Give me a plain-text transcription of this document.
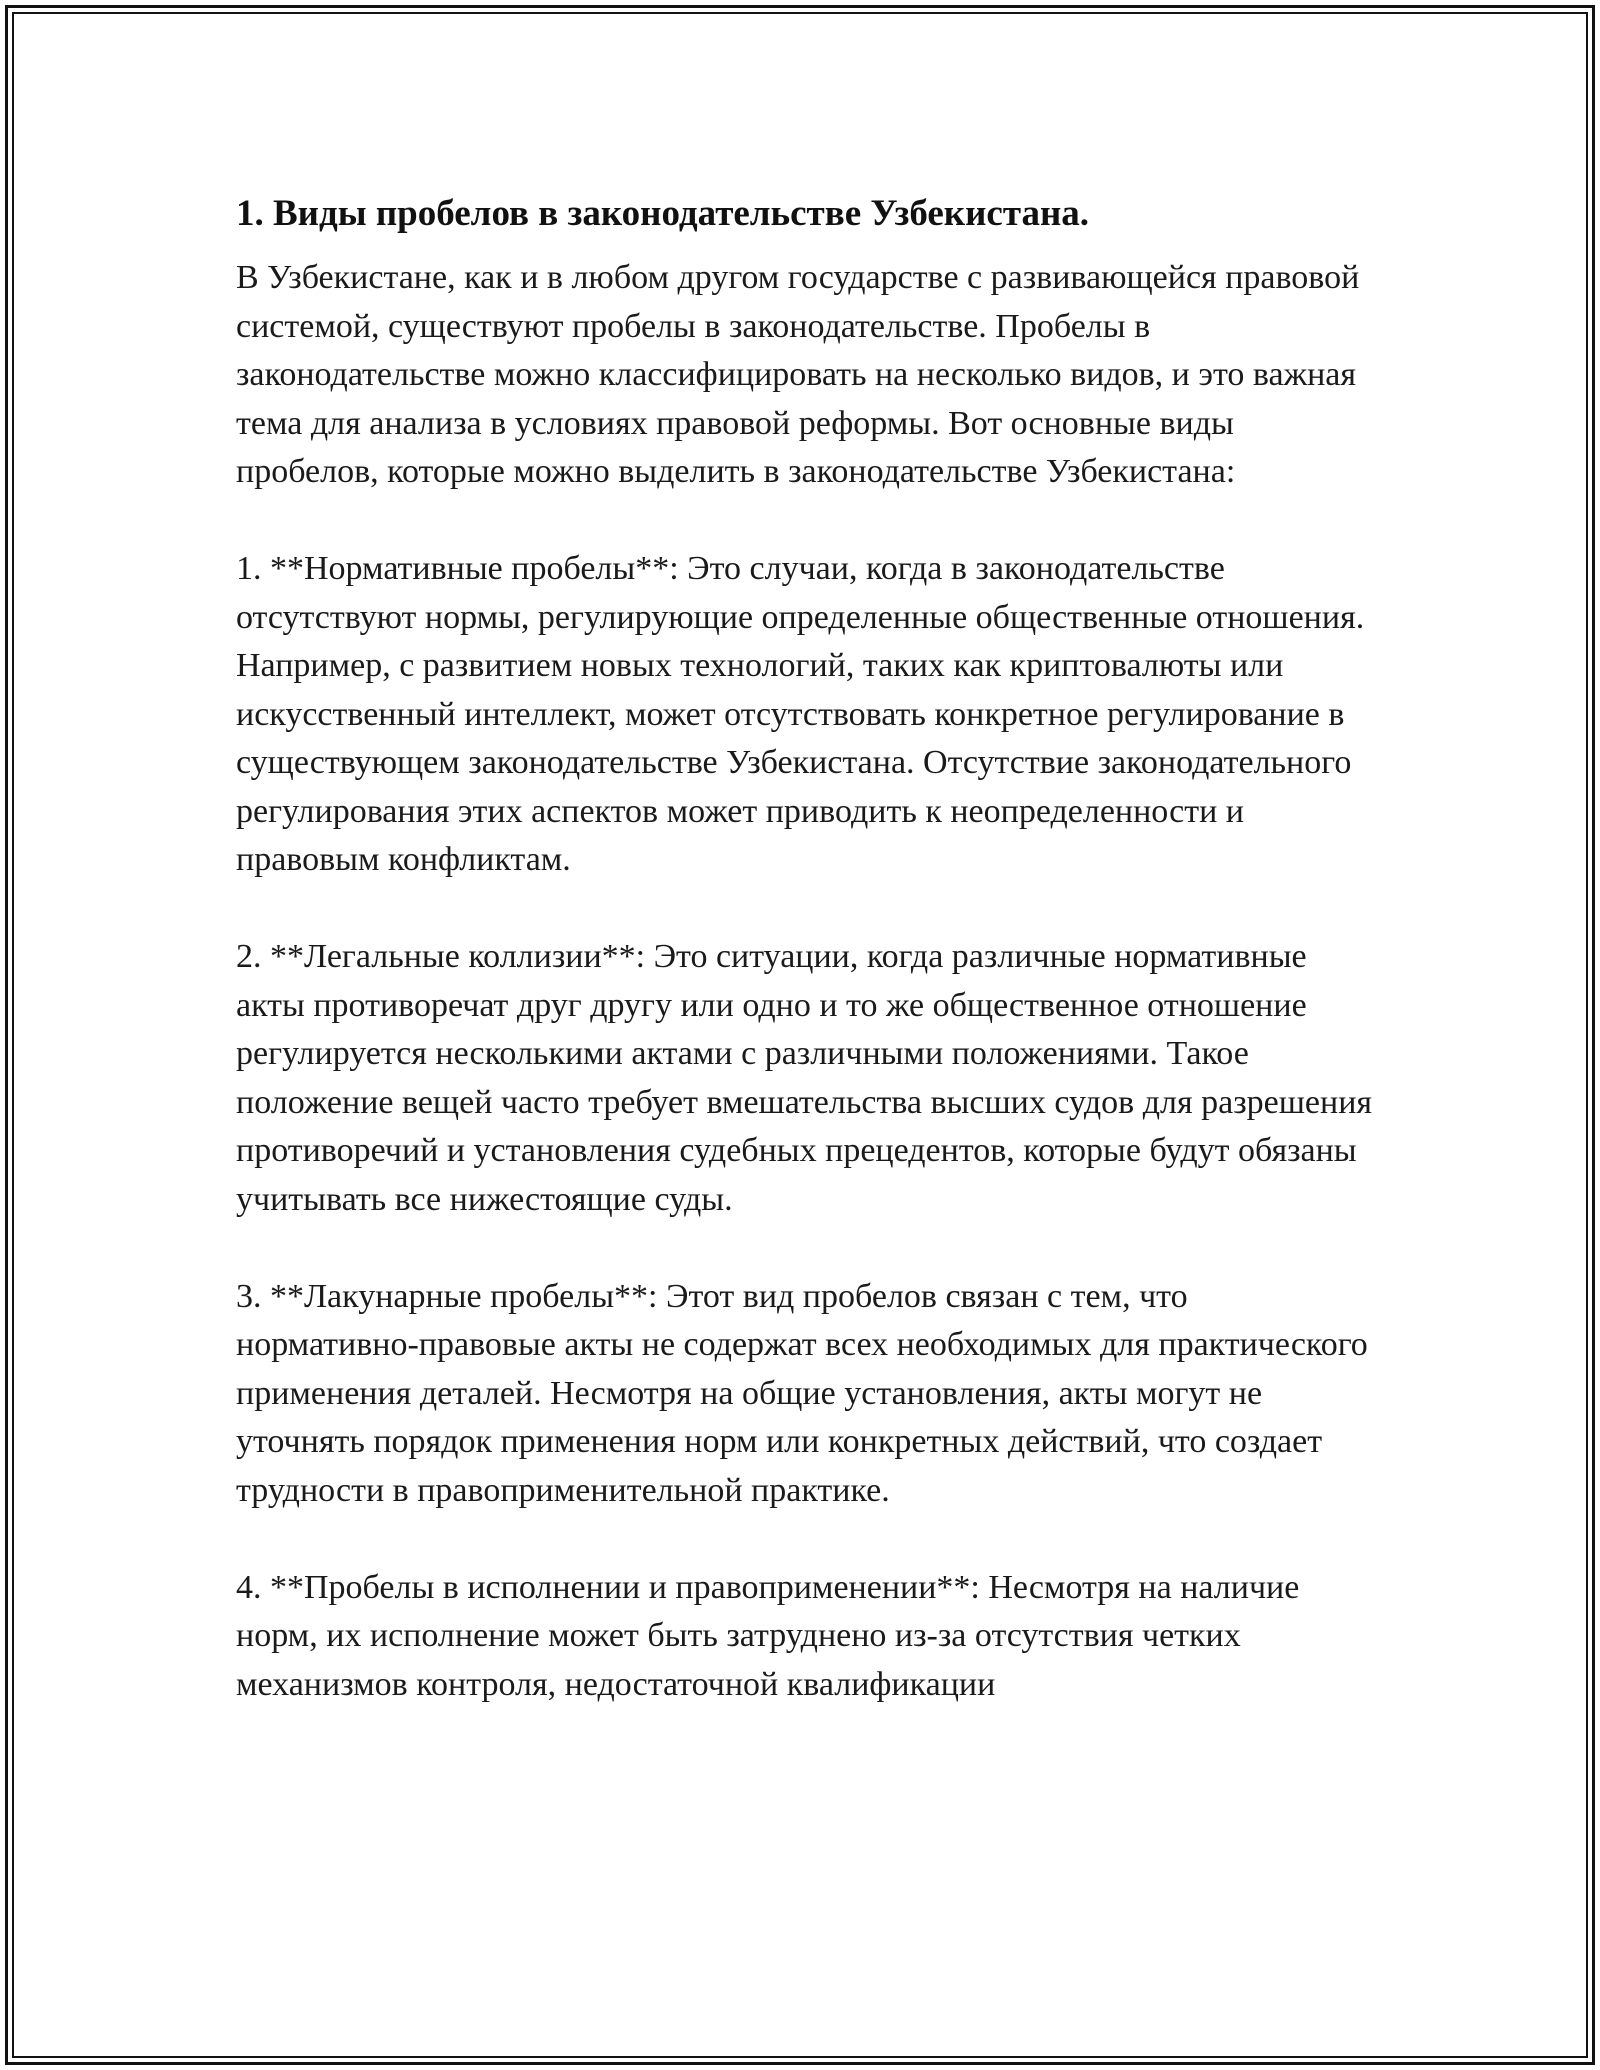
1. Виды пробелов в законодательстве Узбекистана.

В Узбекистане, как и в любом другом государстве с развивающейся правовой системой, существуют пробелы в законодательстве. Пробелы в законодательстве можно классифицировать на несколько видов, и это важная тема для анализа в условиях правовой реформы. Вот основные виды пробелов, которые можно выделить в законодательстве Узбекистана:

1. **Нормативные пробелы**: Это случаи, когда в законодательстве отсутствуют нормы, регулирующие определенные общественные отношения. Например, с развитием новых технологий, таких как криптовалюты или искусственный интеллект, может отсутствовать конкретное регулирование в существующем законодательстве Узбекистана. Отсутствие законодательного регулирования этих аспектов может приводить к неопределенности и правовым конфликтам.

2. **Легальные коллизии**: Это ситуации, когда различные нормативные акты противоречат друг другу или одно и то же общественное отношение регулируется несколькими актами с различными положениями. Такое положение вещей часто требует вмешательства высших судов для разрешения противоречий и установления судебных прецедентов, которые будут обязаны учитывать все нижестоящие суды.

3. **Лакунарные пробелы**: Этот вид пробелов связан с тем, что нормативно-правовые акты не содержат всех необходимых для практического применения деталей. Несмотря на общие установления, акты могут не уточнять порядок применения норм или конкретных действий, что создает трудности в правоприменительной практике.

4. **Пробелы в исполнении и правоприменении**: Несмотря на наличие норм, их исполнение может быть затруднено из-за отсутствия четких механизмов контроля, недостаточной квалификации
